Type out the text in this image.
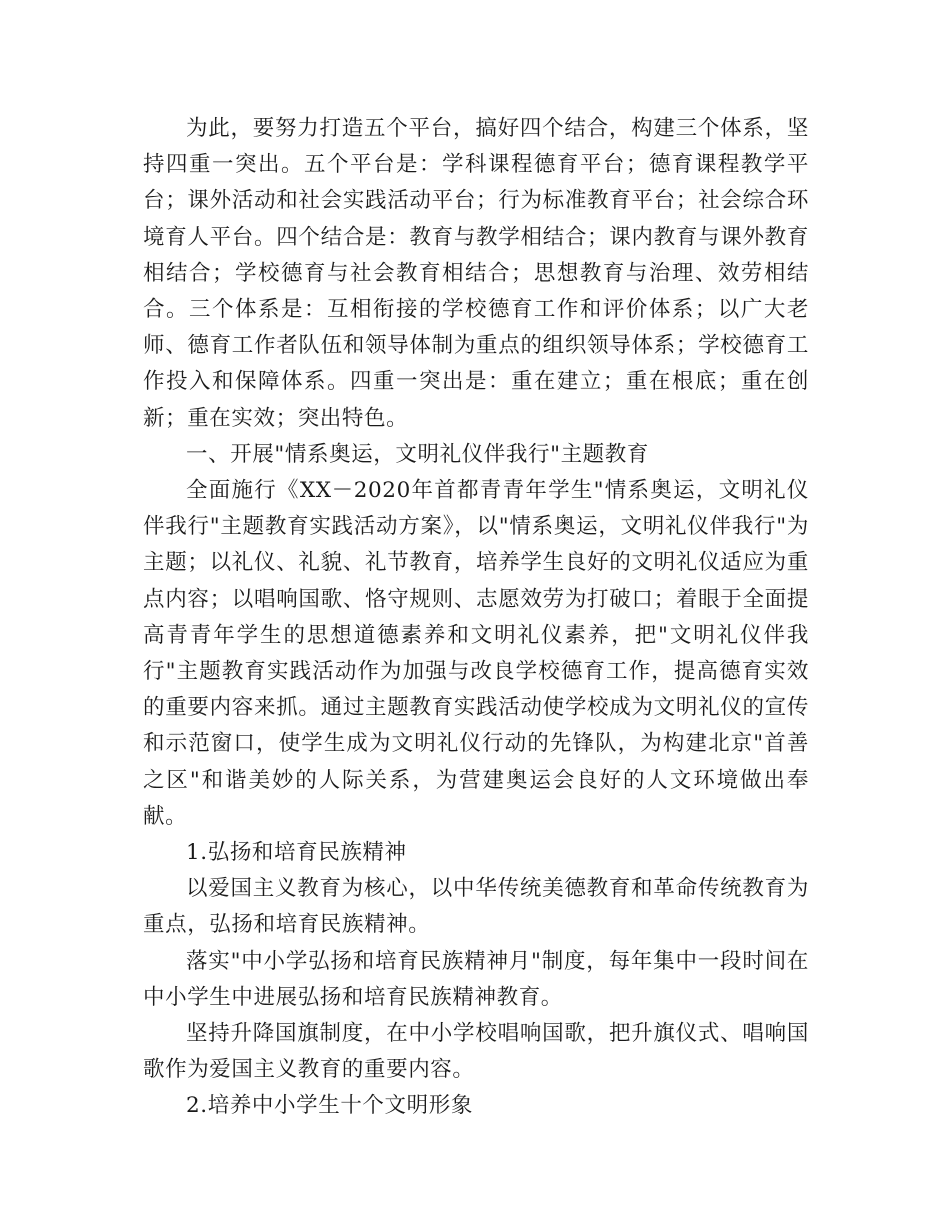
为此，要努力打造五个平台，搞好四个结合，构建三个体系，坚持四重一突出。五个平台是：学科课程德育平台；德育课程教学平台；课外活动和社会实践活动平台；行为标准教育平台；社会综合环境育人平台。四个结合是：教育与教学相结合；课内教育与课外教育相结合；学校德育与社会教育相结合；思想教育与治理、效劳相结合。三个体系是：互相衔接的学校德育工作和评价体系；以广大老师、德育工作者队伍和领导体制为重点的组织领导体系；学校德育工作投入和保障体系。四重一突出是：重在建立；重在根底；重在创新；重在实效；突出特色。

一、开展"情系奥运，文明礼仪伴我行"主题教育

全面施行《XX－2020年首都青青年学生"情系奥运，文明礼仪伴我行"主题教育实践活动方案》，以"情系奥运，文明礼仪伴我行"为主题；以礼仪、礼貌、礼节教育，培养学生良好的文明礼仪适应为重点内容；以唱响国歌、恪守规则、志愿效劳为打破口；着眼于全面提高青青年学生的思想道德素养和文明礼仪素养，把"文明礼仪伴我行"主题教育实践活动作为加强与改良学校德育工作，提高德育实效的重要内容来抓。通过主题教育实践活动使学校成为文明礼仪的宣传和示范窗口，使学生成为文明礼仪行动的先锋队，为构建北京"首善之区"和谐美妙的人际关系，为营建奥运会良好的人文环境做出奉献。

1.弘扬和培育民族精神

以爱国主义教育为核心，以中华传统美德教育和革命传统教育为重点，弘扬和培育民族精神。

落实"中小学弘扬和培育民族精神月"制度，每年集中一段时间在中小学生中进展弘扬和培育民族精神教育。

坚持升降国旗制度，在中小学校唱响国歌，把升旗仪式、唱响国歌作为爱国主义教育的重要内容。

2.培养中小学生十个文明形象
